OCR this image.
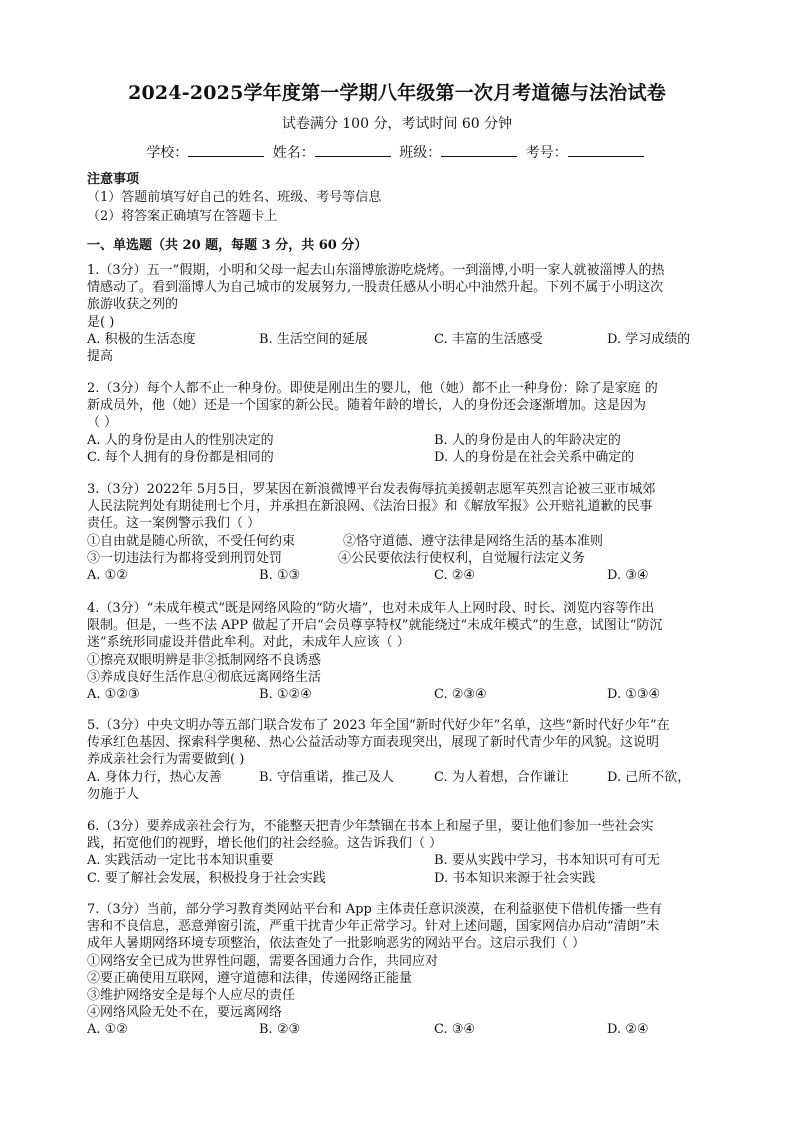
2024-2025学年度第一学期八年级第一次月考道德与法治试卷
试卷满分 100 分，考试时间 60 分钟
学校：	姓名：	班级：	考号：
注意事项
（1）答题前填写好自己的姓名、班级、考号等信息
（2）将答案正确填写在答题卡上
一、单选题（共 20 题，每题 3 分，共 60 分）

1.（3分）五一”假期，小明和父母一起去山东淄博旅游吃烧烤。一到淄博,小明一家人就被淄博人的热

情感动了。看到淄博人为自己城市的发展努力,一股责任感从小明心中油然升起。下列不属于小明这次

旅游收获之列的

是( )

A. 积极的生活态度	B. 生活空间的延展	C. 丰富的生活感受	D. 学习成绩的

提高

2.（3分）每个人都不止一种身份。即使是刚出生的婴儿，他（她）都不止一种身份：除了是家庭 的

新成员外，他（她）还是一个国家的新公民。随着年龄的增长，人的身份还会逐渐增加。这是因为

（ ）

A. 人的身份是由人的性别决定的	B. 人的身份是由人的年龄决定的
C. 每个人拥有的身份都是相同的	D. 人的身份是在社会关系中确定的

3.（3分）2022年 5月5日，罗某因在新浪微博平台发表侮辱抗美援朝志愿军英烈言论被三亚市城郊

人民法院判处有期徒刑七个月，并承担在新浪网、《法治日报》和《解放军报》公开赔礼道歉的民事

责任。这一案例警示我们（ ）

①自由就是随心所欲，不受任何约束	②恪守道德、遵守法律是网络生活的基本准则
③一切违法行为都将受到刑罚处罚	④公民要依法行使权利，自觉履行法定义务
A. ①②	B. ①③	C. ②④	D. ③④

4.（3分）“未成年模式”既是网络风险的“防火墙”，也对未成年人上网时段、时长、浏览内容等作出

限制。但是，一些不法 APP 做起了开启“会员尊享特权”就能绕过“未成年模式”的生意，试图让“防沉

迷”系统形同虚设并借此牟利。对此，未成年人应该（ ）

①擦亮双眼明辨是非②抵制网络不良诱惑

③养成良好生活作息④彻底远离网络生活

A. ①②③	B. ①②④	C. ②③④	D. ①③④

5.（3分）中央文明办等五部门联合发布了 2023 年全国“新时代好少年”名单，这些“新时代好少年”在

传承红色基因、探索科学奥秘、热心公益活动等方面表现突出，展现了新时代青少年的风貌。这说明

养成亲社会行为需要做到( )

A. 身体力行，热心友善	B. 守信重诺，推己及人	C. 为人着想，合作谦让	D. 己所不欲，

勿施于人

6.（3分）要养成亲社会行为，不能整天把青少年禁锢在书本上和屋子里，要让他们参加一些社会实

践，拓宽他们的视野，增长他们的社会经验。这告诉我们（ ）

A. 实践活动一定比书本知识重要	B. 要从实践中学习，书本知识可有可无
C. 要了解社会发展，积极投身于社会实践	D. 书本知识来源于社会实践

7.（3分）当前，部分学习教育类网站平台和 App 主体责任意识淡漠，在利益驱使下借机传播一些有

害和不良信息，恶意弹窗引流，严重干扰青少年正常学习。针对上述问题，国家网信办启动“清朗”未

成年人暑期网络环境专项整治，依法查处了一批影响恶劣的网站平台。这启示我们（ ）

①网络安全已成为世界性问题，需要各国通力合作，共同应对

②要正确使用互联网，遵守道德和法律，传递网络正能量

③维护网络安全是每个人应尽的责任

④网络风险无处不在，要远离网络

A. ①②	B. ②③	C. ③④	D. ②④
